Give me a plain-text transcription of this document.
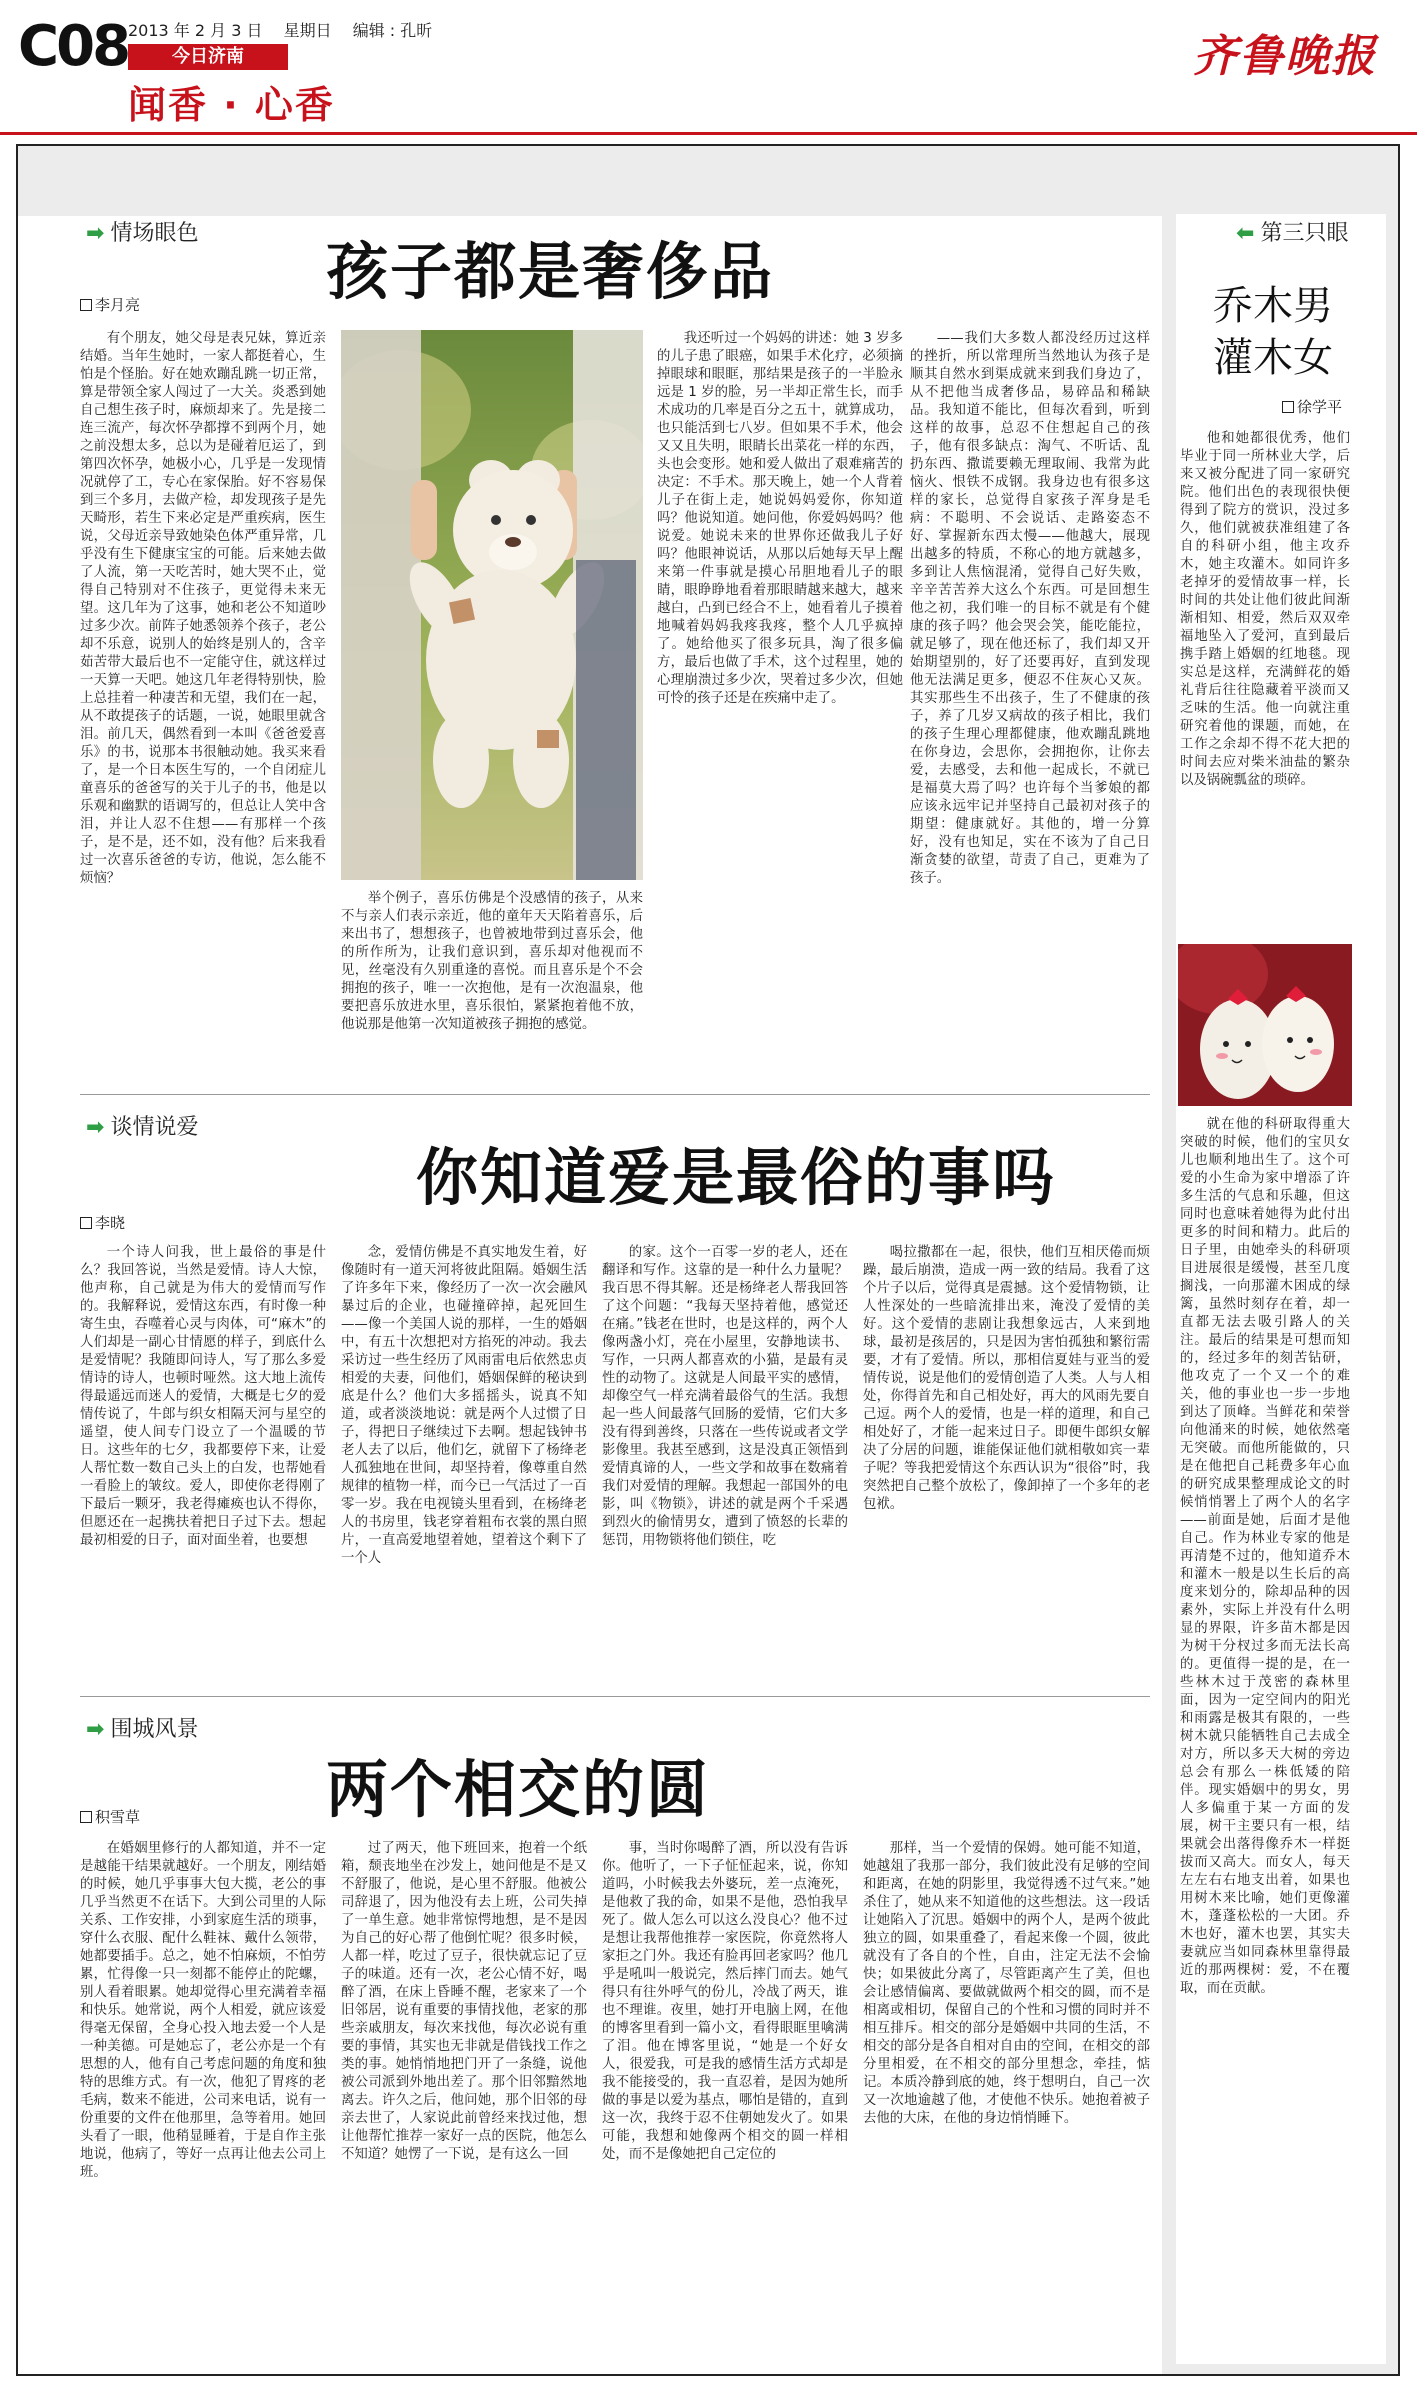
C08 2013 年 2 月 3 日 星期日 编辑 : 孔昕
今日济南
闻香 · 心香
齐鲁晚报
➡ 情场眼色
孩子都是奢侈品
李月亮

有个朋友，她父母是表兄妹，算近亲结婚。当年生她时，一家人都挺着心，生怕是个怪胎。好在她欢蹦乱跳一切正常，算是带领全家人闯过了一大关。炎悉到她自己想生孩子时，麻烦却来了。先是接二连三流产，每次怀孕都撑不到两个月，她之前没想太多，总以为是碰着厄运了，到第四次怀孕，她极小心，几乎是一发现情况就停了工，专心在家保胎。好不容易保到三个多月，去做产检，却发现孩子是先天畸形，若生下来必定是严重疾病，医生说，父母近亲导致她染色体严重异常，几乎没有生下健康宝宝的可能。后来她去做了人流，第一天吃苦时，她大哭不止，觉得自己特别对不住孩子，更觉得未来无望。这几年为了这事，她和老公不知道吵过多少次。前阵子她悉领养个孩子，老公却不乐意，说别人的始终是别人的，含辛茹苦带大最后也不一定能守住，就这样过一天算一天吧。她这几年老得特别快，脸上总挂着一种凄苦和无望，我们在一起，从不敢提孩子的话题，一说，她眼里就含泪。前几天，偶然看到一本叫《爸爸爱喜乐》的书，说那本书很触动她。我买来看了，是一个日本医生写的，一个自闭症儿童喜乐的爸爸写的关于儿子的书，他是以乐观和幽默的语调写的，但总让人笑中含泪，并让人忍不住想——有那样一个孩子，是不是，还不如，没有他？后来我看过一次喜乐爸爸的专访，他说，怎么能不烦恼？

举个例子，喜乐仿佛是个没感情的孩子，从来不与亲人们表示亲近，他的童年天天陷着喜乐，后来出书了，想想孩子，也曾被地带到过喜乐会，他的所作所为，让我们意识到，喜乐却对他视而不见，丝毫没有久别重逢的喜悦。而且喜乐是个不会拥抱的孩子，唯一一次抱他，是有一次泡温泉，他要把喜乐放进水里，喜乐很怕，紧紧抱着他不放，他说那是他第一次知道被孩子拥抱的感觉。

我还听过一个妈妈的讲述：她 3 岁多的儿子患了眼癌，如果手术化疗，必须摘掉眼球和眼眶，那结果是孩子的一半脸永远是 1 岁的脸，另一半却正常生长，而手术成功的几率是百分之五十，就算成功，也只能活到七八岁。但如果不手术，他会又又且失明，眼睛长出菜花一样的东西，头也会变形。她和爱人做出了艰难痛苦的决定：不手术。那天晚上，她一个人背着儿子在街上走，她说妈妈爱你，你知道吗？他说知道。她问他，你爱妈妈吗？他说爱。她说未来的世界你还做我儿子好吗？他眼神说话，从那以后她每天早上醒来第一件事就是摸心吊胆地看儿子的眼睛，眼睁睁地看着那眼睛越来越大，越来越白，凸到已经合不上，她看着儿子摸着地喊着妈妈我疼我疼，整个人几乎疯掉了。她给他买了很多玩具，淘了很多偏方，最后也做了手术，这个过程里，她的心理崩溃过多少次，哭着过多少次，但她可怜的孩子还是在疾痛中走了。

——我们大多数人都没经历过这样的挫折，所以常理所当然地认为孩子是顺其自然水到渠成就来到我们身边了，从不把他当成奢侈品，易碎品和稀缺品。我知道不能比，但每次看到，听到这样的故事，总忍不住想起自己的孩子，他有很多缺点：淘气、不听话、乱扔东西、撒谎要赖无理取闹、我常为此恼火、恨铁不成钢。我身边也有很多这样的家长，总觉得自家孩子浑身是毛病：不聪明、不会说话、走路姿态不好、掌握新东西太慢——他越大，展现出越多的特质，不称心的地方就越多，多到让人焦恼混淆，觉得自己好失败，辛辛苦苦养大这么个东西。可是回想生他之初，我们唯一的目标不就是有个健康的孩子吗？他会哭会笑，能吃能拉，就足够了，现在他还标了，我们却又开始期望别的，好了还要再好，直到发现他无法满足更多，便忍不住灰心又灰。其实那些生不出孩子，生了不健康的孩子，养了几岁又病故的孩子相比，我们的孩子生理心理都健康，他欢蹦乱跳地在你身边，会思你，会拥抱你，让你去爱，去感受，去和他一起成长，不就已是福莫大焉了吗？也许每个当爹娘的都应该永远牢记并坚持自己最初对孩子的期望：健康就好。其他的，增一分算好，没有也知足，实在不该为了自己日渐贪婪的欲望，苛责了自己，更难为了孩子。

➡ 谈情说爱
你知道爱是最俗的事吗
李晓

一个诗人问我，世上最俗的事是什么？我回答说，当然是爱情。诗人大惊，他声称，自己就是为伟大的爱情而写作的。我解释说，爱情这东西，有时像一种寄生虫，吞噬着心灵与肉体，可“麻木”的人们却是一副心甘情愿的样子，到底什么是爱情呢？我随即问诗人，写了那么多爱情诗的诗人，也顿时哑然。这大地上流传得最遥远而迷人的爱情，大概是七夕的爱情传说了，牛郎与织女相隔天河与星空的遥望，使人间专门设立了一个温暖的节日。这些年的七夕，我都要停下来，让爱人帮忙数一数自己头上的白发，也帮她看一看脸上的皱纹。爱人，即使你老得刚了下最后一颗牙，我老得瘫痪也认不得你，但愿还在一起携扶着把日子过下去。想起最初相爱的日子，面对面坐着，也要想

念，爱情仿佛是不真实地发生着，好像随时有一道天河将彼此阻隔。婚姻生活了许多年下来，像经历了一次一次会融风暴过后的企业，也碰撞碎掉，起死回生——像一个美国人说的那样，一生的婚姻中，有五十次想把对方掐死的冲动。我去采访过一些生经历了风雨雷电后依然忠贞相爱的夫妻，问他们，婚姻保鲜的秘诀到底是什么？他们大多摇摇头，说真不知道，或者淡淡地说：就是两个人过惯了日子，得把日子继续过下去啊。想起钱钟书老人去了以后，他们乞，就留下了杨绛老人孤独地在世间，却坚持着，像尊重自然规律的植物一样，而今已一气活过了一百零一岁。我在电视镜头里看到，在杨绛老人的书房里，钱老穿着粗布衣裳的黑白照片，一直高爱地望着她，望着这个剩下了一个人

的家。这个一百零一岁的老人，还在翻译和写作。这靠的是一种什么力量呢？我百思不得其解。还是杨绛老人帮我回答了这个问题：“我每天坚持着他，感觉还在痛。”钱老在世时，也是这样的，两个人像两盏小灯，亮在小屋里，安静地读书、写作，一只两人都喜欢的小猫，是最有灵性的动物了。这就是人间最平实的感情，却像空气一样充满着最俗气的生活。我想起一些人间最落气回肠的爱情，它们大多没有得到善终，只落在一些传说或者文学影像里。我甚至感到，这是没真正领悟到爱情真谛的人，一些文学和故事在数痛着我们对爱情的理解。我想起一部国外的电影，叫《物锁》，讲述的就是两个千采遇到烈火的偷情男女，遭到了愤怒的长辈的惩罚，用物锁将他们锁住，吃

喝拉撒都在一起，很快，他们互相厌倦而烦躁，最后崩溃，造成一两一致的结局。我看了这个片子以后，觉得真是震撼。这个爱情物锁，让人性深处的一些暗流排出来，淹没了爱情的美好。这个爱情的悲剧让我想象远古，人来到地球，最初是孩居的，只是因为害怕孤独和繁衍需要，才有了爱情。所以，那相信夏娃与亚当的爱情传说，说是他们的爱情创造了人类。人与人相处，你得首先和自己相处好，再大的风雨先要自己逗。两个人的爱情，也是一样的道理，和自己相处好了，才能一起来过日子。即便牛郎织女解决了分居的问题，谁能保证他们就相敬如宾一辈子呢？等我把爱情这个东西认识为“很俗”时，我突然把自己整个放松了，像卸掉了一个多年的老包袱。

➡ 围城风景
两个相交的圆
积雪草

在婚姻里修行的人都知道，并不一定是越能干结果就越好。一个朋友，刚结婚的时候，她几乎事事大包大揽，老公的事几乎当然更不在话下。大到公司里的人际关系、工作安排，小到家庭生活的琐事，穿什么衣服、配什么鞋袜、戴什么领带，她都要插手。总之，她不怕麻烦，不怕劳累，忙得像一只一刻都不能停止的陀螺，别人看着眼累。她却觉得心里充满着幸福和快乐。她常说，两个人相爱，就应该爱得毫无保留，全身心投入地去爱一个人是一种美德。可是她忘了，老公亦是一个有思想的人，他有自己考虑问题的角度和独特的思维方式。有一次，他犯了胃疼的老毛病，数来不能进，公司来电话，说有一份重要的文件在他那里，急等着用。她回头看了一眼，他稍显睡着，于是自作主张地说，他病了，等好一点再让他去公司上班。

过了两天，他下班回来，抱着一个纸箱，颓丧地坐在沙发上，她问他是不是又不舒服了，他说，是心里不舒服。他被公司辞退了，因为他没有去上班，公司失掉了一单生意。她非常惊愕地想，是不是因为自己的好心帮了他倒忙呢？很多时候，人都一样，吃过了豆子，很快就忘记了豆子的味道。还有一次，老公心情不好，喝醉了酒，在床上昏睡不醒，老家来了一个旧邻居，说有重要的事情找他，老家的那些亲戚朋友，每次来找他，每次必说有重要的事情，其实也无非就是借钱找工作之类的事。她悄悄地把门开了一条缝，说他被公司派到外地出差了。那个旧邻黯然地离去。许久之后，他问她，那个旧邻的母亲去世了，人家说此前曾经来找过他，想让他帮忙推荐一家好一点的医院，他怎么不知道？她愣了一下说，是有这么一回

事，当时你喝醉了酒，所以没有告诉你。他听了，一下子怔怔起来，说，你知道吗，小时候我去外婆玩，差一点淹死，是他救了我的命，如果不是他，恐怕我早死了。做人怎么可以这么没良心？他不过是想让我帮他推荐一家医院，你竟然将人家拒之门外。我还有脸再回老家吗？他几乎是吼叫一般说完，然后摔门而去。她气得只有往外呼气的份儿，冷战了两天，谁也不理谁。夜里，她打开电脑上网，在他的博客里看到一篇小文，看得眼眶里噙满了泪。他在博客里说，“她是一个好女人，很爱我，可是我的感情生活方式却是我不能接受的，我一直忍着，是因为她所做的事是以爱为基点，哪怕是错的，直到这一次，我终于忍不住朝她发火了。如果可能，我想和她像两个相交的圆一样相处，而不是像她把自己定位的

那样，当一个爱情的保姆。她可能不知道，她越俎了我那一部分，我们彼此没有足够的空间和距离，在她的阴影里，我觉得透不过气来。”她杀住了，她从来不知道他的这些想法。这一段话让她陷入了沉思。婚姻中的两个人，是两个彼此独立的圆，如果重叠了，看起来像一个圆，彼此就没有了各自的个性，自由，注定无法不会愉快；如果彼此分离了，尽管距离产生了美，但也会让感情偏离、要做就做两个相交的圆，而不是相离或相切，保留自己的个性和习惯的同时并不相互排斥。相交的部分是婚姻中共同的生活，不相交的部分是各自相对自由的空间，在相交的部分里相爱，在不相交的部分里想念，牵挂，惦记。本质冷静到底的她，终于想明白，自己一次又一次地逾越了他，才使他不快乐。她抱着被子去他的大床，在他的身边悄悄睡下。

⬅ 第三只眼
乔木男
灌木女
徐学平

他和她都很优秀，他们毕业于同一所林业大学，后来又被分配进了同一家研究院。他们出色的表现很快便得到了院方的赏识，没过多久，他们就被获准组建了各自的科研小组，他主攻乔木，她主攻灌木。如同许多老掉牙的爱情故事一样，长时间的共处让他们彼此间渐渐相知、相爱，然后双双牵福地坠入了爱河，直到最后携手踏上婚姻的红地毯。现实总是这样，充满鲜花的婚礼背后往往隐藏着平淡而又乏味的生活。他一向就注重研究着他的课题，而她，在工作之余却不得不花大把的时间去应对柴米油盐的繁杂以及锅碗瓢盆的琐碎。

就在他的科研取得重大突破的时候，他们的宝贝女儿也顺利地出生了。这个可爱的小生命为家中增添了许多生活的气息和乐趣，但这同时也意味着她得为此付出更多的时间和精力。此后的日子里，由她牵头的科研项目进展很是缓慢，甚至几度搁浅，一向那灌木困成的绿篱，虽然时刻存在着，却一直都无法去吸引路人的关注。最后的结果是可想而知的，经过多年的刻苦钻研，他攻克了一个又一个的难关，他的事业也一步一步地到达了顶峰。当鲜花和荣誉向他涌来的时候，她依然毫无突破。而他所能做的，只是在他把自己耗费多年心血的研究成果整理成论文的时候悄悄署上了两个人的名字——前面是她，后面才是他自己。作为林业专家的他是再清楚不过的，他知道乔木和灌木一般是以生长后的高度来划分的，除却品种的因素外，实际上并没有什么明显的界限，许多苗木都是因为树干分杈过多而无法长高的。更值得一提的是，在一些林木过于茂密的森林里面，因为一定空间内的阳光和雨露是极其有限的，一些树木就只能牺牲自己去成全对方，所以多天大树的旁边总会有那么一株低矮的陪伴。现实婚姻中的男女，男人多偏重于某一方面的发展，树干主要只有一根，结果就会出落得像乔木一样挺拔而又高大。而女人，每天左左右右地支出着，如果也用树木来比喻，她们更像灌木，蓬蓬松松的一大团。乔木也好，灌木也罢，其实夫妻就应当如同森林里靠得最近的那两棵树：爱，不在覆取，而在贡献。
